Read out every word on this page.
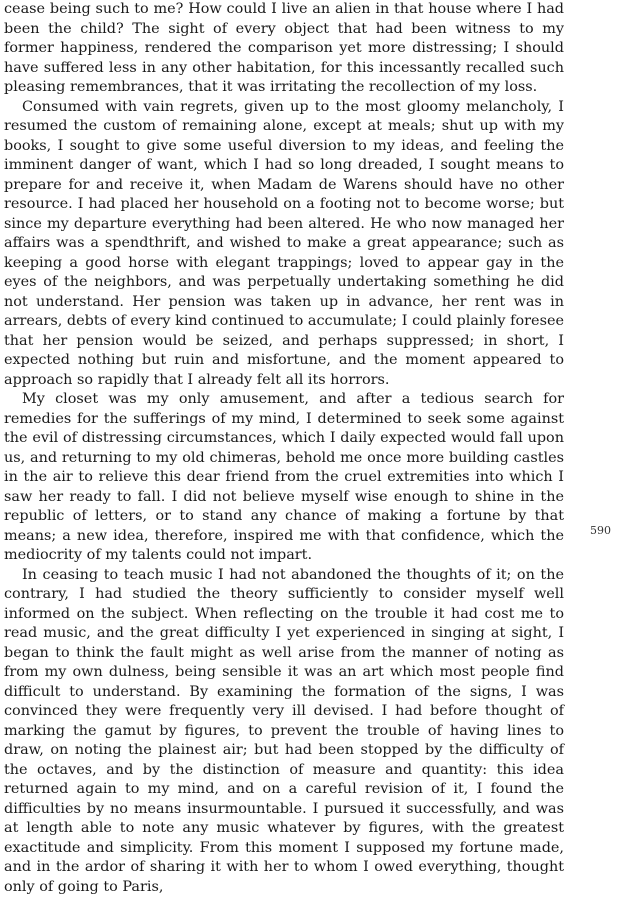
cease being such to me? How could I live an alien in that house where I had been the child? The sight of every object that had been witness to my former happiness, rendered the comparison yet more distressing; I should have suffered less in any other habitation, for this incessantly recalled such pleasing remembrances, that it was irritating the recollection of my loss.

Consumed with vain regrets, given up to the most gloomy melancholy, I resumed the custom of remaining alone, except at meals; shut up with my books, I sought to give some useful diversion to my ideas, and feeling the imminent danger of want, which I had so long dreaded, I sought means to prepare for and receive it, when Madam de Warens should have no other resource. I had placed her household on a footing not to become worse; but since my departure everything had been altered. He who now managed her affairs was a spendthrift, and wished to make a great appearance; such as keeping a good horse with elegant trappings; loved to appear gay in the eyes of the neighbors, and was perpetually undertaking something he did not understand. Her pension was taken up in advance, her rent was in arrears, debts of every kind continued to accumulate; I could plainly foresee that her pension would be seized, and perhaps suppressed; in short, I expected nothing but ruin and misfortune, and the moment appeared to approach so rapidly that I already felt all its horrors.

My closet was my only amusement, and after a tedious search for remedies for the sufferings of my mind, I determined to seek some against the evil of distressing circumstances, which I daily expected would fall upon us, and returning to my old chimeras, behold me once more building castles in the air to relieve this dear friend from the cruel extremities into which I saw her ready to fall. I did not believe myself wise enough to shine in the republic of letters, or to stand any chance of making a fortune by that means; a new idea, therefore, inspired me with that confidence, which the mediocrity of my talents could not impart.

In ceasing to teach music I had not abandoned the thoughts of it; on the contrary, I had studied the theory sufficiently to consider myself well informed on the subject. When reflecting on the trouble it had cost me to read music, and the great difficulty I yet experienced in singing at sight, I began to think the fault might as well arise from the manner of noting as from my own dulness, being sensible it was an art which most people find difficult to understand. By examining the formation of the signs, I was convinced they were frequently very ill devised. I had before thought of marking the gamut by figures, to prevent the trouble of having lines to draw, on noting the plainest air; but had been stopped by the difficulty of the octaves, and by the distinction of measure and quantity: this idea returned again to my mind, and on a careful revision of it, I found the difficulties by no means insurmountable. I pursued it successfully, and was at length able to note any music whatever by figures, with the greatest exactitude and simplicity. From this moment I supposed my fortune made, and in the ardor of sharing it with her to whom I owed everything, thought only of going to Paris,

590
